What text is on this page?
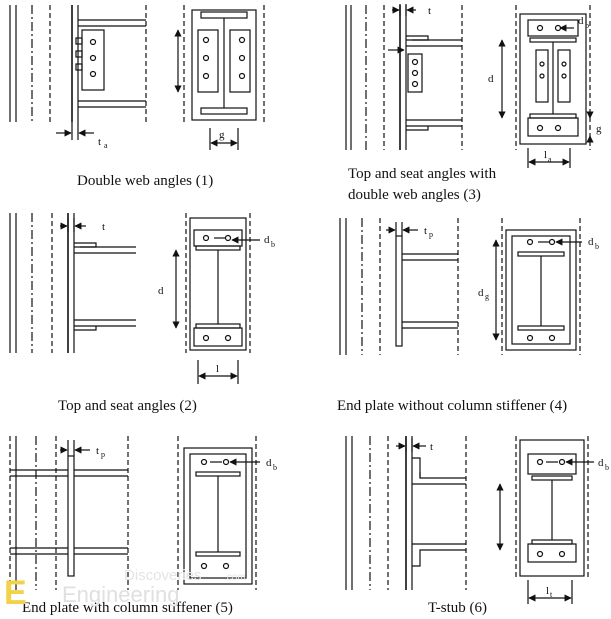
t a
g
t
d
d b
g
l a
t
d
d b
l
t p
d g
d b
t p
d b
t
d b
l t
Double web angles (1)	Top and seat angles with
double web angles (3)
Top and seat angles (2)	End plate without column stiffener (4)
End plate with column stiffener (5)	T-stub (6)
E	Discoveries .com
Engineering
